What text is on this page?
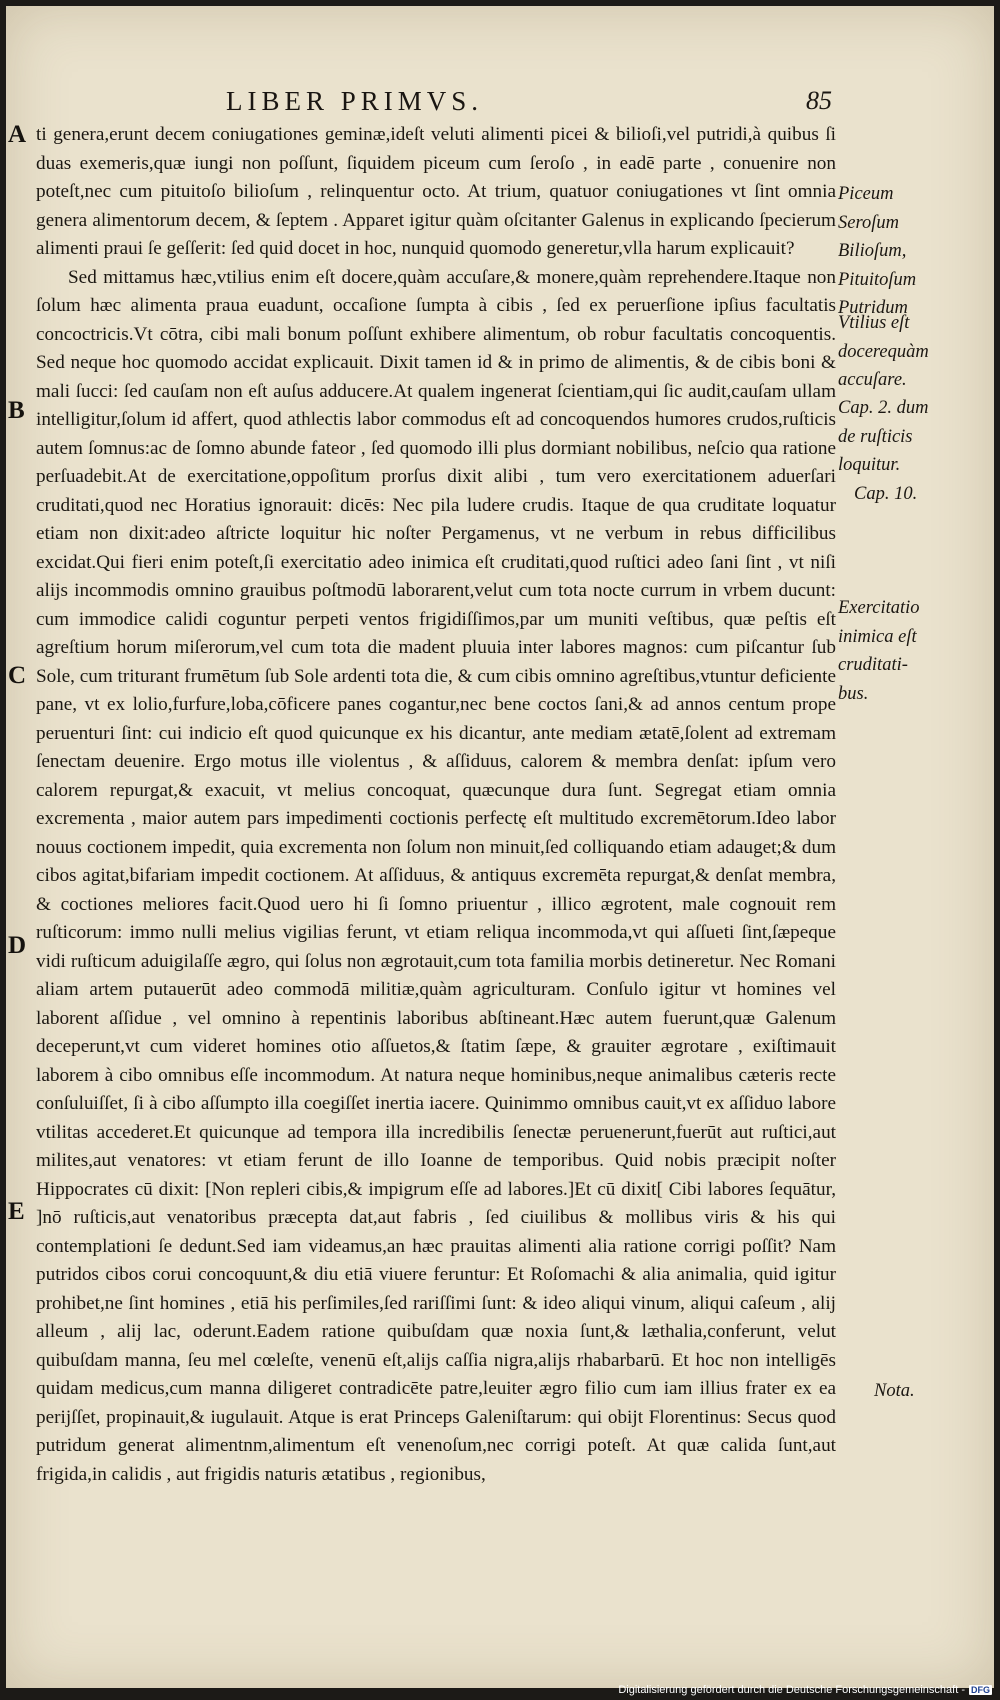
LIBER PRIMVS.	85
A
B
C
D
E

ti genera,erunt decem coniugationes geminæ,ideſt veluti alimenti picei & bilioſi,vel putridi,à quibus ſi duas exemeris,quæ iungi non poſſunt, ſiquidem piceum cum ſeroſo , in eadē parte , conuenire non poteſt,nec cum pituitoſo bilioſum , relinquentur octo. At trium, quatuor coniugationes vt ſint omnia genera alimentorum decem, & ſeptem . Apparet igitur quàm oſcitanter Galenus in explicando ſpecierum alimenti praui ſe geſſerit: ſed quid docet in hoc, nunquid quomodo generetur,vlla harum explicauit?

Sed mittamus hæc,vtilius enim eſt docere,quàm accuſare,& monere,quàm reprehendere.Itaque non ſolum hæc alimenta praua euadunt, occaſione ſumpta à cibis , ſed ex peruerſione ipſius facultatis concoctricis.Vt cōtra, cibi mali bonum poſſunt exhibere alimentum, ob robur facultatis concoquentis. Sed neque hoc quomodo accidat explicauit. Dixit tamen id & in primo de alimentis, & de cibis boni & mali ſucci: ſed cauſam non eſt auſus adducere.At qualem ingenerat ſcientiam,qui ſic audit,cauſam ullam intelligitur,ſolum id affert, quod athlectis labor commodus eſt ad concoquendos humores crudos,ruſticis autem ſomnus:ac de ſomno abunde fateor , ſed quomodo illi plus dormiant nobilibus, neſcio qua ratione perſuadebit.At de exercitatione,oppoſitum prorſus dixit alibi , tum vero exercitationem aduerſari cruditati,quod nec Horatius ignorauit: dicēs: Nec pila ludere crudis. Itaque de qua cruditate loquatur etiam non dixit:adeo aſtricte loquitur hic noſter Pergamenus, vt ne verbum in rebus difficilibus excidat.Qui fieri enim poteſt,ſi exercitatio adeo inimica eſt cruditati,quod ruſtici adeo ſani ſint , vt niſi alijs incommodis omnino grauibus poſtmodū laborarent,velut cum tota nocte currum in vrbem ducunt: cum immodice calidi coguntur perpeti ventos frigidiſſimos,par um muniti veſtibus, quæ peſtis eſt agreſtium horum miſerorum,vel cum tota die madent pluuia inter labores magnos: cum piſcantur ſub Sole, cum triturant frumētum ſub Sole ardenti tota die, & cum cibis omnino agreſtibus,vtuntur deficiente pane, vt ex lolio,furfure,loba,cōficere panes cogantur,nec bene coctos ſani,& ad annos centum prope peruenturi ſint: cui indicio eſt quod quicunque ex his dicantur, ante mediam ætatē,ſolent ad extremam ſenectam deuenire. Ergo motus ille violentus , & aſſiduus, calorem & membra denſat: ipſum vero calorem repurgat,& exacuit, vt melius concoquat, quæcunque dura ſunt. Segregat etiam omnia excrementa , maior autem pars impedimenti coctionis perfectę eſt multitudo excremētorum.Ideo labor nouus coctionem impedit, quia excrementa non ſolum non minuit,ſed colliquando etiam adauget;& dum cibos agitat,bifariam impedit coctionem. At aſſiduus, & antiquus excremēta repurgat,& denſat membra, & coctiones meliores facit.Quod uero hi ſi ſomno priuentur , illico ægrotent, male cognouit rem ruſticorum: immo nulli melius vigilias ferunt, vt etiam reliqua incommoda,vt qui aſſueti ſint,ſæpeque vidi ruſticum aduigilaſſe ægro, qui ſolus non ægrotauit,cum tota familia morbis detineretur. Nec Romani aliam artem putauerūt adeo commodā militiæ,quàm agriculturam. Conſulo igitur vt homines vel laborent aſſidue , vel omnino à repentinis laboribus abſtineant.Hæc autem fuerunt,quæ Galenum deceperunt,vt cum videret homines otio aſſuetos,& ſtatim ſæpe, & grauiter ægrotare , exiſtimauit laborem à cibo omnibus eſſe incommodum. At natura neque hominibus,neque animalibus cæteris recte conſuluiſſet, ſi à cibo aſſumpto illa coegiſſet inertia iacere. Quinimmo omnibus cauit,vt ex aſſiduo labore vtilitas accederet.Et quicunque ad tempora illa incredibilis ſenectæ peruenerunt,fuerūt aut ruſtici,aut milites,aut venatores: vt etiam ferunt de illo Ioanne de temporibus. Quid nobis præcipit noſter Hippocrates cū dixit: [Non repleri cibis,& impigrum eſſe ad labores.]Et cū dixit[ Cibi labores ſequātur, ]nō ruſticis,aut venatoribus præcepta dat,aut fabris , ſed ciuilibus & mollibus viris & his qui contemplationi ſe dedunt.Sed iam videamus,an hæc prauitas alimenti alia ratione corrigi poſſit? Nam putridos cibos corui concoquunt,& diu etiā viuere feruntur: Et Roſomachi & alia animalia, quid igitur prohibet,ne ſint homines , etiā his perſimiles,ſed rariſſimi ſunt: & ideo aliqui vinum, aliqui caſeum , alij alleum , alij lac, oderunt.Eadem ratione quibuſdam quæ noxia ſunt,& læthalia,conferunt, velut quibuſdam manna, ſeu mel cœleſte, venenū eſt,alijs caſſia nigra,alijs rhabarbarū. Et hoc non intelligēs quidam medicus,cum manna diligeret contradicēte patre,leuiter ægro filio cum iam illius frater ex ea perijſſet, propinauit,& iugulauit. Atque is erat Princeps Galeniſtarum: qui obijt Florentinus: Secus quod putridum generat alimentnm,alimentum eſt venenoſum,nec corrigi poteſt. At quæ calida ſunt,aut frigida,in calidis , aut frigidis naturis ætatibus , regionibus,

Piceum
Seroſum
Bilioſum,
Pituitoſum
Putridum
Vtilius eſt
docerequàm
accuſare.
Cap. 2. dum
de ruſticis
loquitur.
Cap. 10.
Exercitatio
inimica eſt
cruditati-
bus.
Nota.
Digitalisierung gefördert durch die Deutsche Forschungsgemeinschaft - DFG
